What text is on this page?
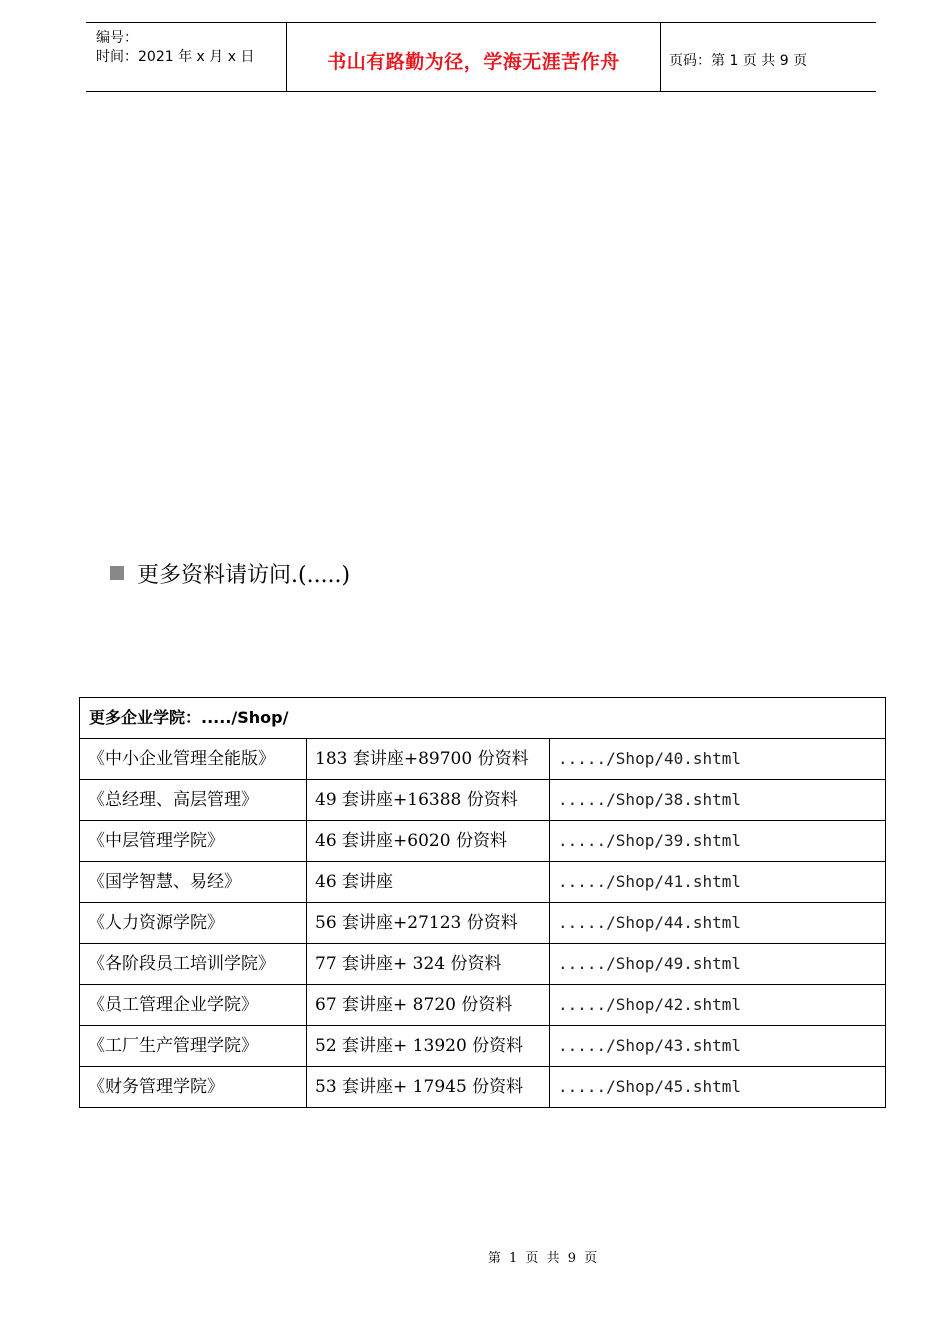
编号：
时间：2021 年 x 月 x 日	书山有路勤为径，学海无涯苦作舟	页码：第 1 页 共 9 页
更多资料请访问.(.....)
更多企业学院：...../Shop/		
《中小企业管理全能版》	183 套讲座+89700 份资料	...../Shop/40.shtml
《总经理、高层管理》	49 套讲座+16388 份资料	...../Shop/38.shtml
《中层管理学院》	46 套讲座+6020 份资料	...../Shop/39.shtml
《国学智慧、易经》	46 套讲座	...../Shop/41.shtml
《人力资源学院》	56 套讲座+27123 份资料	...../Shop/44.shtml
《各阶段员工培训学院》	77 套讲座+ 324 份资料	...../Shop/49.shtml
《员工管理企业学院》	67 套讲座+ 8720 份资料	...../Shop/42.shtml
《工厂生产管理学院》	52 套讲座+ 13920 份资料	...../Shop/43.shtml
《财务管理学院》	53 套讲座+ 17945 份资料	...../Shop/45.shtml
第 1 页 共 9 页
